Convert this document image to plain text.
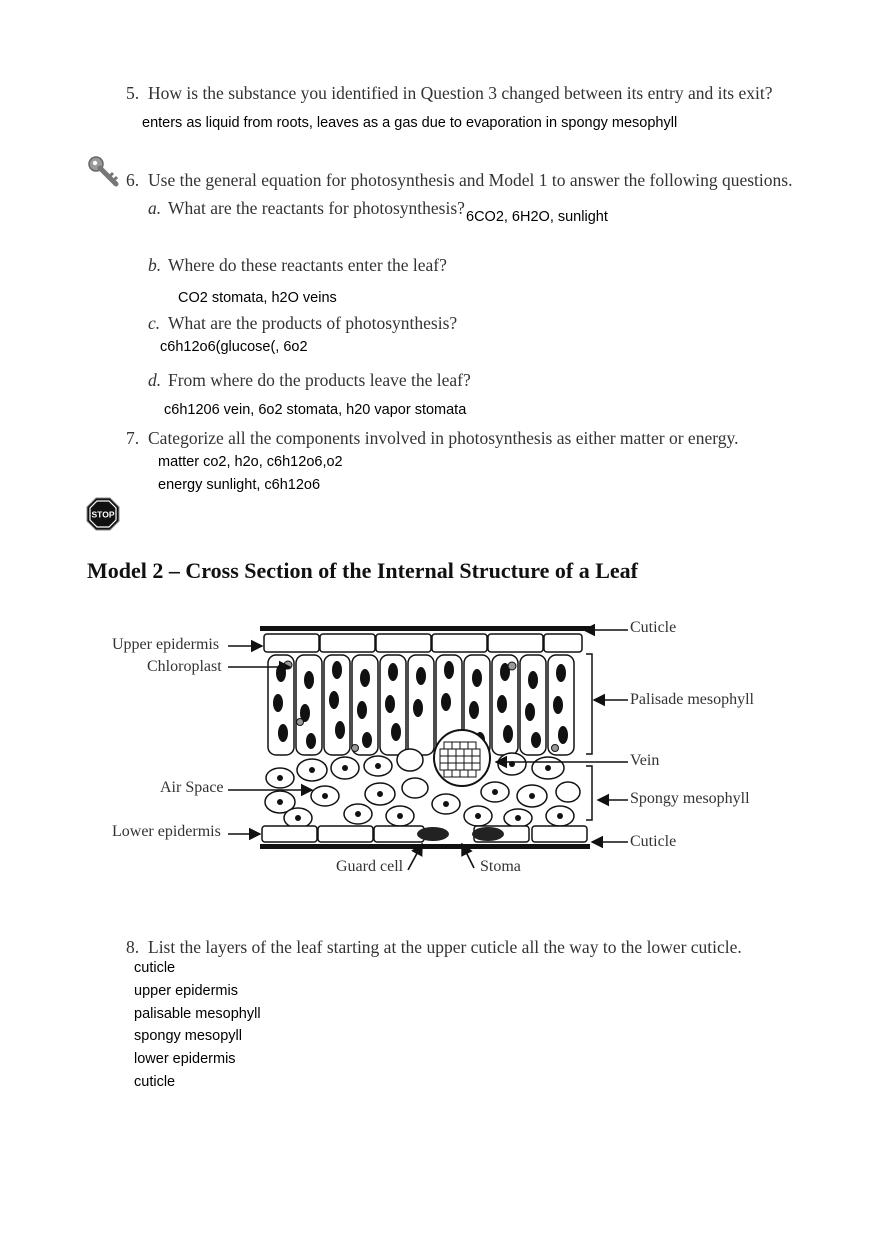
5. How is the substance you identified in Question 3 changed between its entry and its exit?
enters as liquid from roots, leaves as a gas due to evaporation in spongy mesophyll
6. Use the general equation for photosynthesis and Model 1 to answer the following questions.
a. What are the reactants for photosynthesis? 6CO2, 6H2O, sunlight
b. Where do these reactants enter the leaf?
CO2 stomata, h2O veins
c. What are the products of photosynthesis?
c6h12o6(glucose(, 6o2
d. From where do the products leave the leaf?
c6h1206 vein, 6o2 stomata, h20 vapor stomata
7. Categorize all the components involved in photosynthesis as either matter or energy.
matter co2, h2o, c6h12o6,o2
energy sunlight, c6h12o6
STOP
Model 2 – Cross Section of the Internal Structure of a Leaf
Upper epidermis
Chloroplast
Air Space
Lower epidermis
Guard cell	Stoma
Cuticle
Palisade mesophyll
Vein
Spongy mesophyll
Cuticle
8. List the layers of the leaf starting at the upper cuticle all the way to the lower cuticle.
cuticle
upper epidermis
palisable mesophyll
spongy mesopyll
lower epidermis
cuticle
